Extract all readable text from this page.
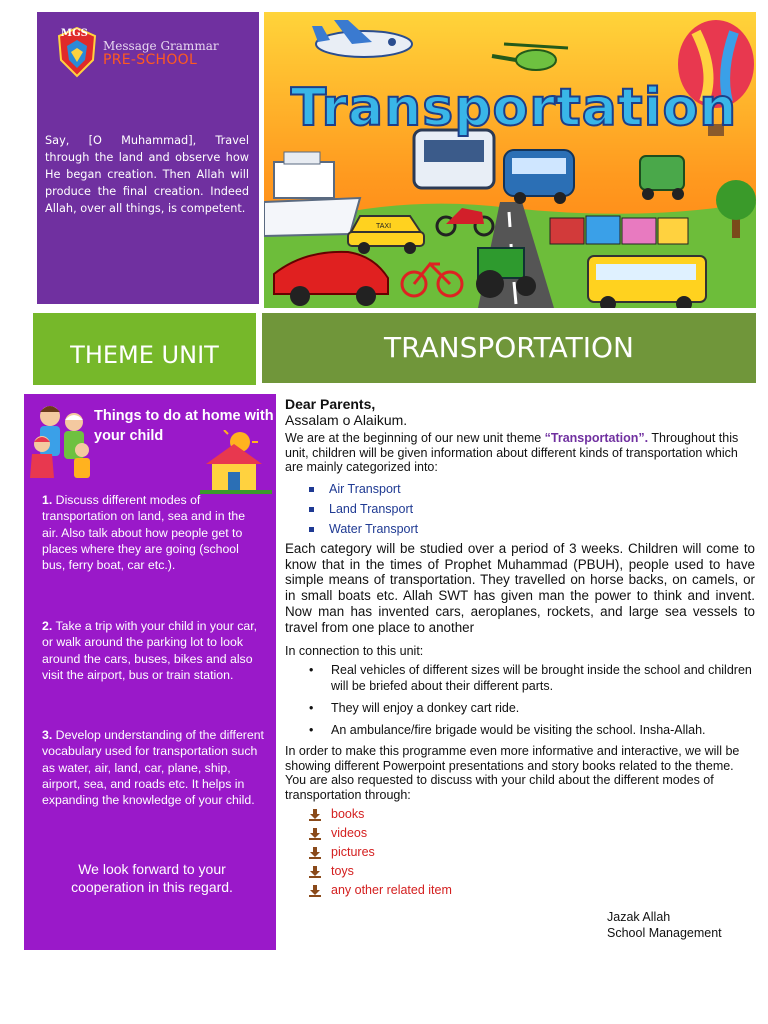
MGS
Message Grammar
PRE-SCHOOL
Say, [O Muhammad], Travel through the land and observe how He began creation. Then Allah will produce the final creation. Indeed Allah, over all things, is competent.
TAXI
Transportation
THEME UNIT	TRANSPORTATION
Things to do at home with your child
1. Discuss different modes of transportation on land, sea and in the air. Also talk about how people get to places where they are going (school bus, ferry boat, car etc.).
2. Take a trip with your child in your car, or walk around the parking lot to look around the cars, buses, bikes and also visit the airport, bus or train station.
3. Develop understanding of the different vocabulary used for transportation such as water, air, land, car, plane, ship, airport, sea, and roads etc. It helps in expanding the knowledge of your child.
We look forward to your cooperation in this regard.

Dear Parents,

Assalam o Alaikum.

We are at the beginning of our new unit theme “Transportation”. Throughout this unit, children will be given information about different kinds of transportation which are mainly categorized into:

Air Transport
Land Transport
Water Transport

Each category will be studied over a period of 3 weeks. Children will come to know that in the times of Prophet Muhammad (PBUH), people used to have simple means of transportation. They travelled on horse backs, on camels, or in small boats etc. Allah SWT has given man the power to think and invent. Now man has invented cars, aeroplanes, rockets, and large sea vessels to travel from one place to another

In connection to this unit:

• Real vehicles of different sizes will be brought inside the school and children will be briefed about their different parts.
• They will enjoy a donkey cart ride.
• An ambulance/fire brigade would be visiting the school. Insha-Allah.

In order to make this programme even more informative and interactive, we will be showing different Powerpoint presentations and story books related to the theme. You are also requested to discuss with your child about the different modes of transportation through:

books
videos
pictures
toys
any other related item
Jazak Allah
School Management
